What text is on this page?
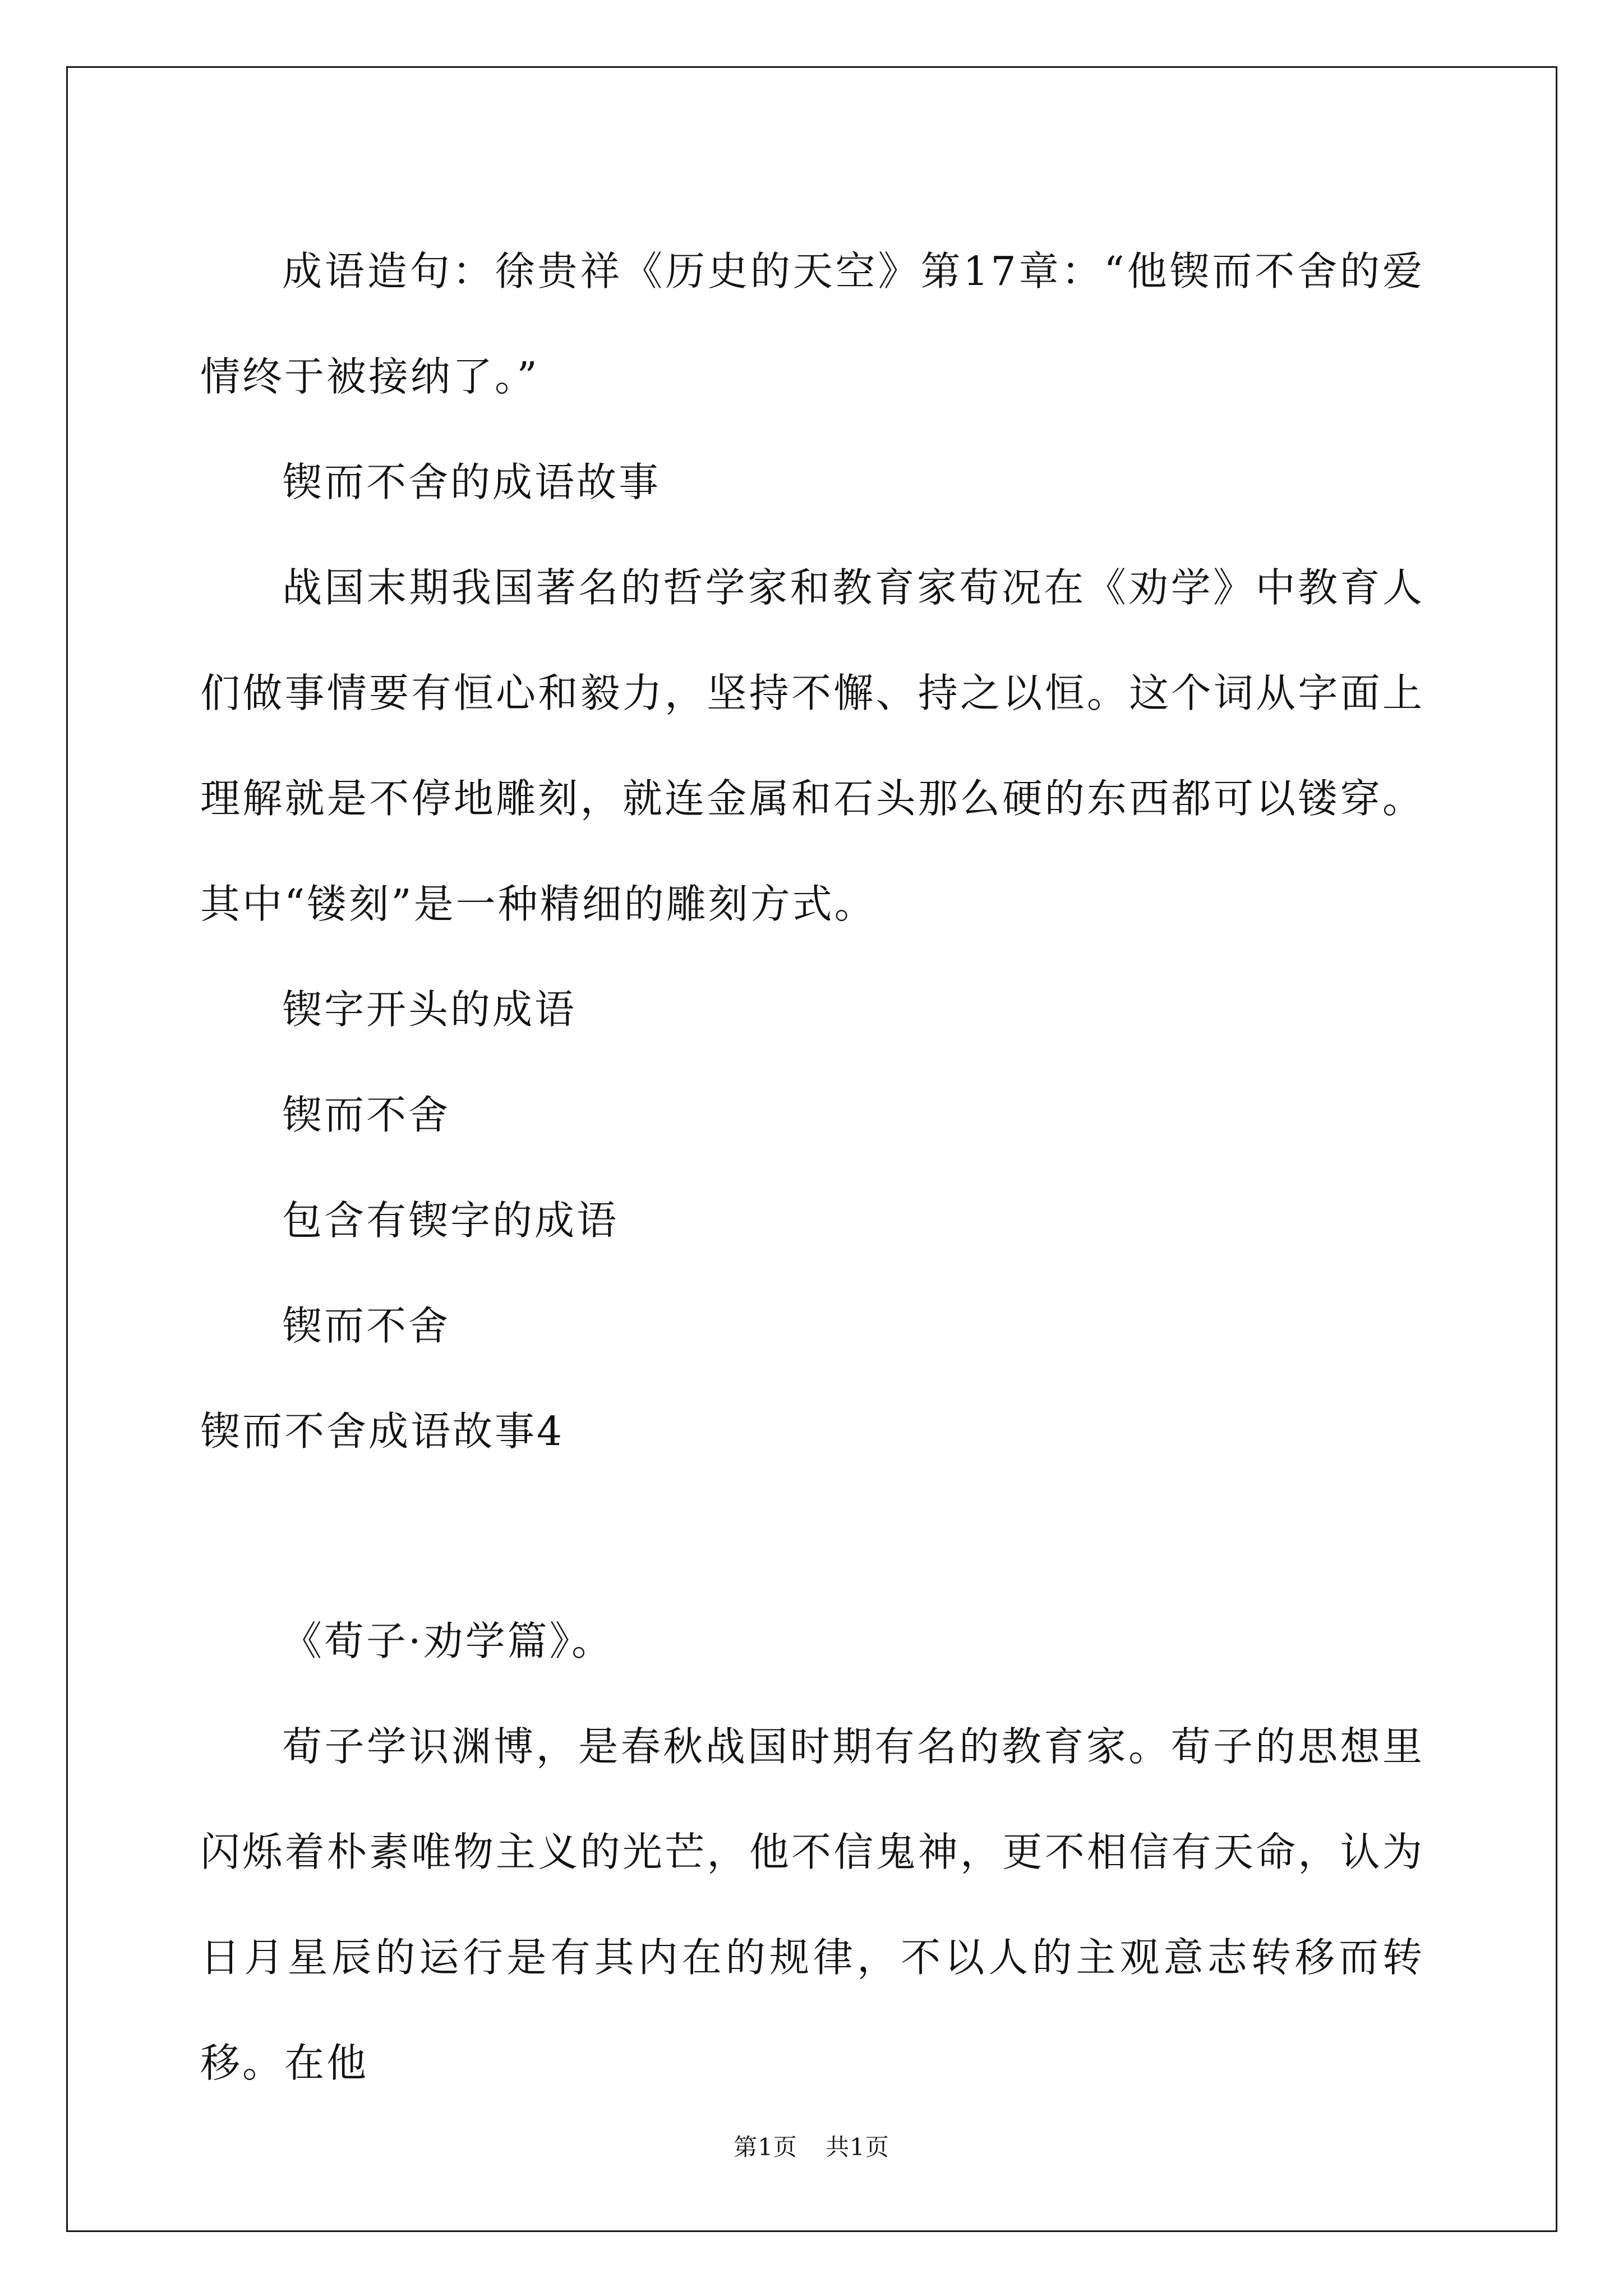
成语造句：徐贵祥《历史的天空》第17章：“他锲而不舍的爱情终于被接纳了。”

锲而不舍的成语故事

战国末期我国著名的哲学家和教育家荀况在《劝学》中教育人们做事情要有恒心和毅力，坚持不懈、持之以恒。这个词从字面上理解就是不停地雕刻，就连金属和石头那么硬的东西都可以镂穿。其中“镂刻”是一种精细的雕刻方式。

锲字开头的成语

锲而不舍

包含有锲字的成语

锲而不舍

锲而不舍成语故事4

《荀子·劝学篇》。

荀子学识渊博，是春秋战国时期有名的教育家。荀子的思想里闪烁着朴素唯物主义的光芒，他不信鬼神，更不相信有天命，认为日月星辰的运行是有其内在的规律，不以人的主观意志转移而转移。在他

第1页 共1页
